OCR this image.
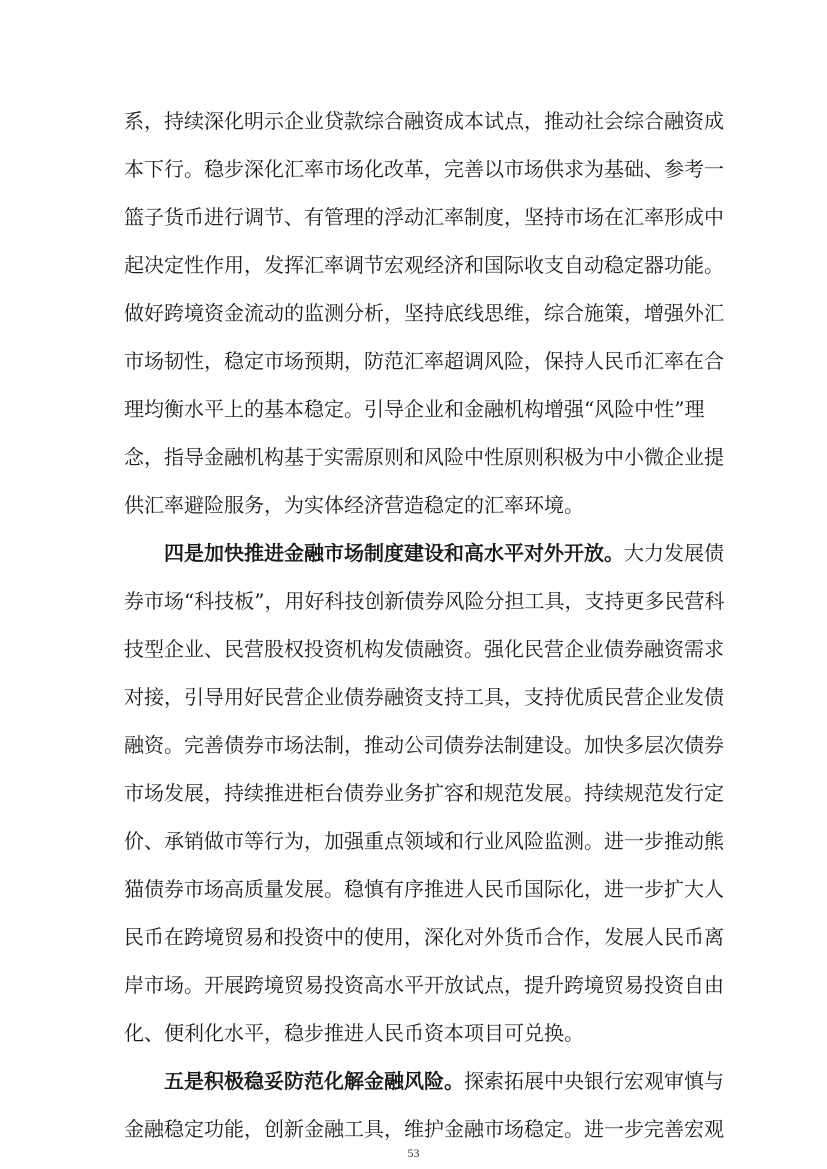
系，持续深化明示企业贷款综合融资成本试点，推动社会综合融资成
本下行。稳步深化汇率市场化改革，完善以市场供求为基础、参考一
篮子货币进行调节、有管理的浮动汇率制度，坚持市场在汇率形成中
起决定性作用，发挥汇率调节宏观经济和国际收支自动稳定器功能。
做好跨境资金流动的监测分析，坚持底线思维，综合施策，增强外汇
市场韧性，稳定市场预期，防范汇率超调风险，保持人民币汇率在合
理均衡水平上的基本稳定。引导企业和金融机构增强“风险中性”理
念，指导金融机构基于实需原则和风险中性原则积极为中小微企业提
供汇率避险服务，为实体经济营造稳定的汇率环境。
四是加快推进金融市场制度建设和高水平对外开放。大力发展债
券市场“科技板”，用好科技创新债券风险分担工具，支持更多民营科
技型企业、民营股权投资机构发债融资。强化民营企业债券融资需求
对接，引导用好民营企业债券融资支持工具，支持优质民营企业发债
融资。完善债券市场法制，推动公司债券法制建设。加快多层次债券
市场发展，持续推进柜台债券业务扩容和规范发展。持续规范发行定
价、承销做市等行为，加强重点领域和行业风险监测。进一步推动熊
猫债券市场高质量发展。稳慎有序推进人民币国际化，进一步扩大人
民币在跨境贸易和投资中的使用，深化对外货币合作，发展人民币离
岸市场。开展跨境贸易投资高水平开放试点，提升跨境贸易投资自由
化、便利化水平，稳步推进人民币资本项目可兑换。
五是积极稳妥防范化解金融风险。探索拓展中央银行宏观审慎与
金融稳定功能，创新金融工具，维护金融市场稳定。进一步完善宏观
53
